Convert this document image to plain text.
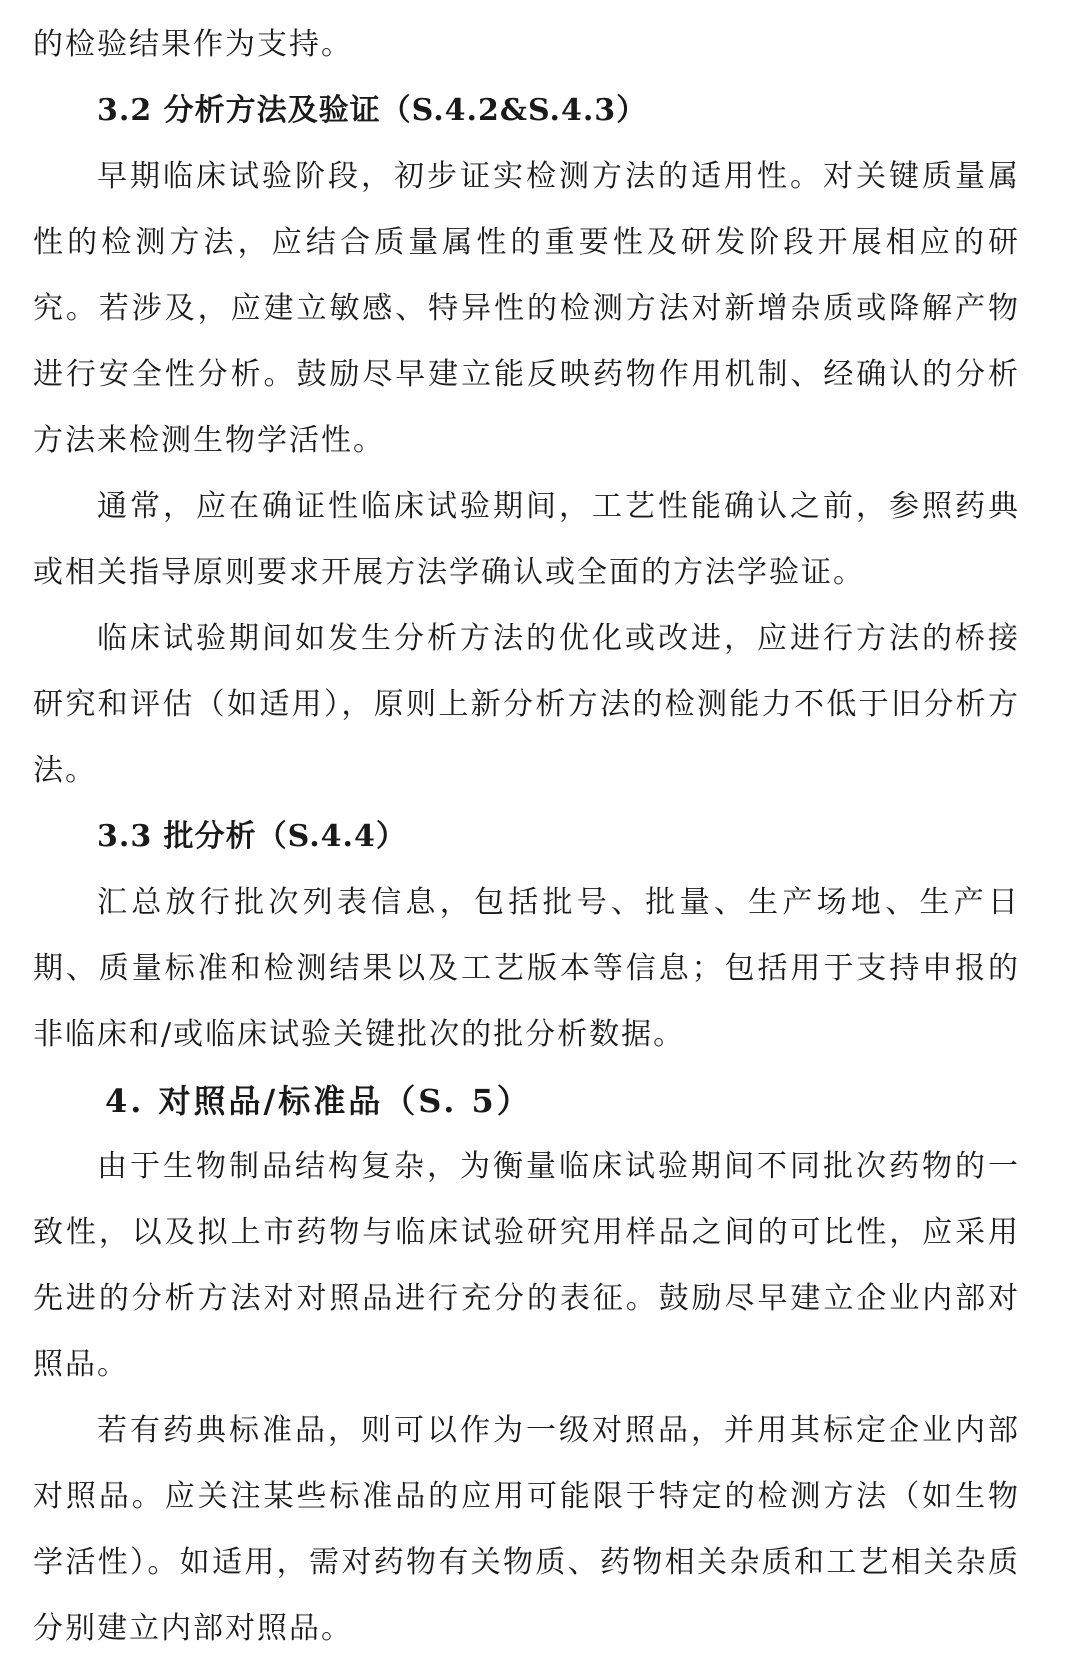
的检验结果作为支持。

3.2 分析方法及验证（S.4.2&S.4.3）

早期临床试验阶段，初步证实检测方法的适用性。对关键质量属性的检测方法，应结合质量属性的重要性及研发阶段开展相应的研究。若涉及，应建立敏感、特异性的检测方法对新增杂质或降解产物进行安全性分析。鼓励尽早建立能反映药物作用机制、经确认的分析方法来检测生物学活性。

通常，应在确证性临床试验期间，工艺性能确认之前，参照药典或相关指导原则要求开展方法学确认或全面的方法学验证。

临床试验期间如发生分析方法的优化或改进，应进行方法的桥接研究和评估（如适用），原则上新分析方法的检测能力不低于旧分析方法。

3.3 批分析（S.4.4）

汇总放行批次列表信息，包括批号、批量、生产场地、生产日期、质量标准和检测结果以及工艺版本等信息；包括用于支持申报的非临床和/或临床试验关键批次的批分析数据。

4. 对照品/标准品（S. 5）

由于生物制品结构复杂，为衡量临床试验期间不同批次药物的一致性，以及拟上市药物与临床试验研究用样品之间的可比性，应采用先进的分析方法对对照品进行充分的表征。鼓励尽早建立企业内部对照品。

若有药典标准品，则可以作为一级对照品，并用其标定企业内部对照品。应关注某些标准品的应用可能限于特定的检测方法（如生物学活性）。如适用，需对药物有关物质、药物相关杂质和工艺相关杂质分别建立内部对照品。
